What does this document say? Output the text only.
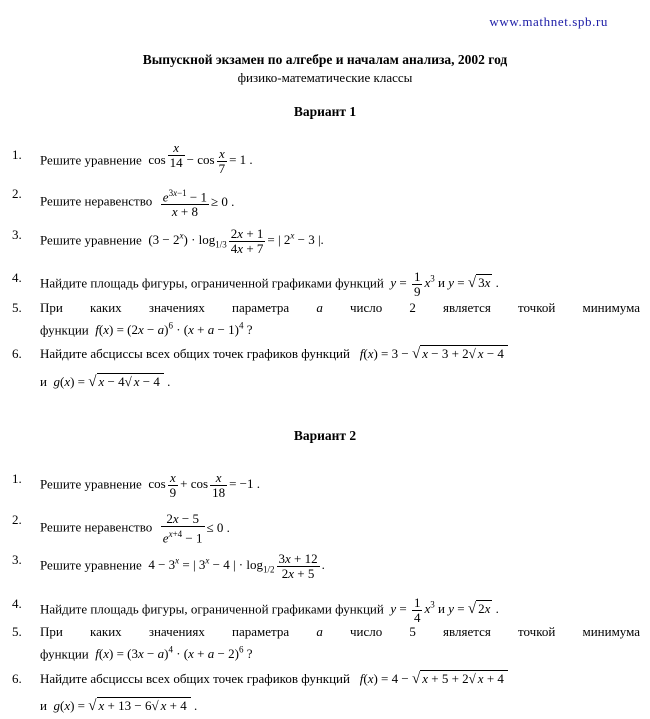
www.mathnet.spb.ru
Выпускной экзамен по алгебре и началам анализа, 2002 год
физико-математические классы
Вариант 1
1. Решите уравнение $\cos \frac{x}{14} - \cos \frac{x}{7} = 1$ .
2.
Решите неравенство $\frac{e^{3x-1} - 1}{x + 8} \ge 0$ .
3. Решите уравнение $(3 - 2^x) \cdot \log_{1/3} \frac{2x + 1}{4x + 7}$ = | $2^x - 3$ |.
4. Найдите площадь фигуры, ограниченной графиками функций $y = \frac{1}{9} x^3$ и y = √ 3x .
5. При каких значениях параметра a число 2 является точкой минимума
функции $f(x) = (2x - a)^6 \cdot (x + a - 1)^4$ ?
6. Найдите абсциссы всех общих точек графиков функций f(x) = 3 − √ x − 3 + 2√ x − 4
и g(x) = √ x − 4√ x − 4 .
Вариант 2
1. Решите уравнение $\cos \frac{x}{9} + \cos \frac{x}{18} = -1$ .
2.
Решите неравенство $\frac{2x - 5}{e^{x+4} - 1} \le 0$ .
3. Решите уравнение $4 - 3^x$ = | $3^x - 4$ | · $\log_{1/2} \frac{3x + 12}{2x + 5}$ .
4. Найдите площадь фигуры, ограниченной графиками функций $y = \frac{1}{4} x^3$ и y = √ 2x .
5. При каких значениях параметра a число 5 является точкой минимума
функции $f(x) = (3x - a)^4 \cdot (x + a - 2)^6$ ?
6. Найдите абсциссы всех общих точек графиков функций f(x) = 4 − √ x + 5 + 2√ x + 4
и g(x) = √ x + 13 − 6√ x + 4 .
